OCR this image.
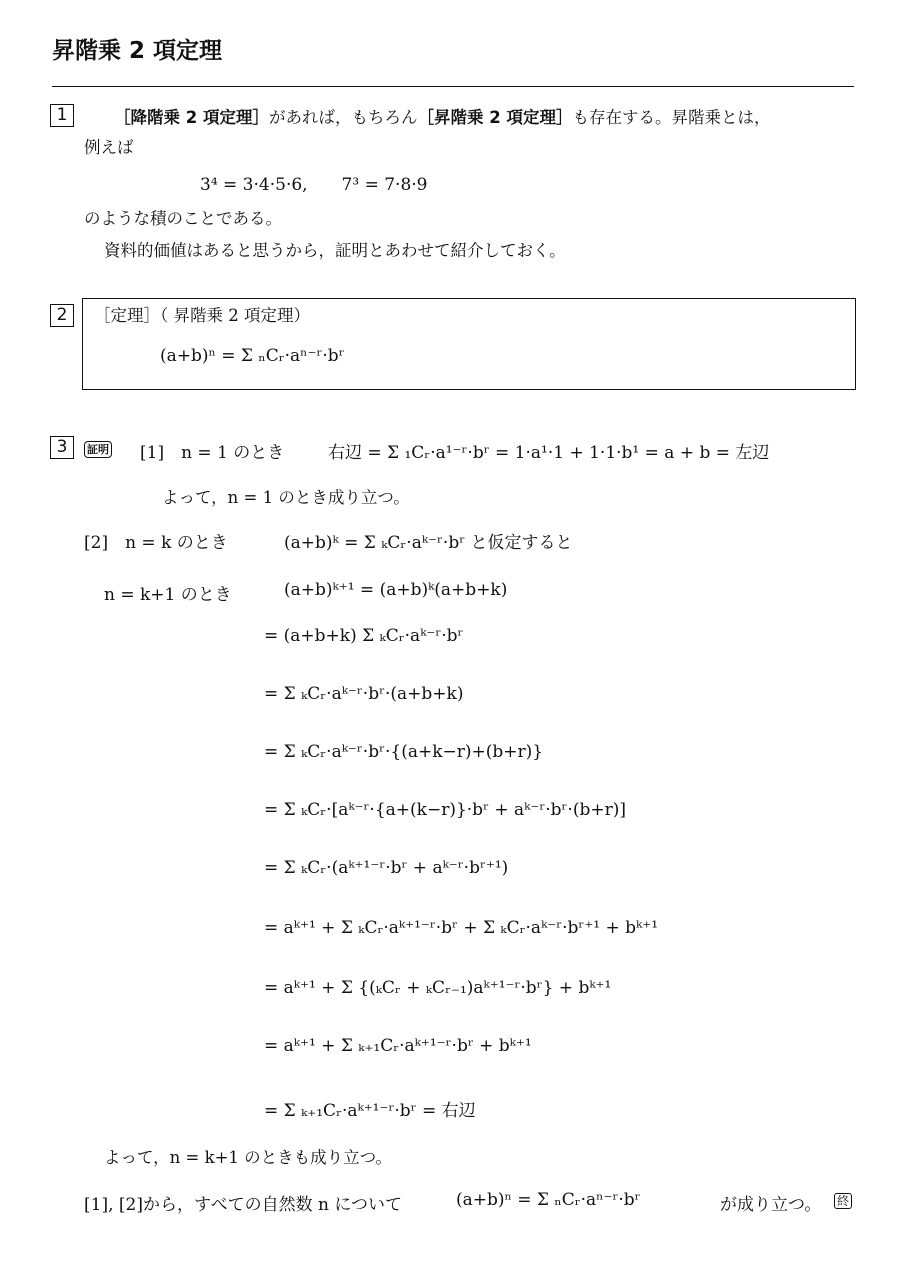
昇階乗 2 項定理
1	［降階乗 2 項定理］があれば，もちろん［昇階乗 2 項定理］も存在する。昇階乗とは，
例えば
3⁴ = 3·4·5·6,　　7³ = 7·8·9
のような積のことである。
資料的価値はあると思うから，証明とあわせて紹介しておく。
2	［定理］（ 昇階乗 2 項定理）
(a+b)ⁿ = Σ ₙCᵣ·aⁿ⁻ʳ·bʳ
3	証明 [1]　n = 1 のとき	右辺 = Σ ₁Cᵣ·a¹⁻ʳ·bʳ = 1·a¹·1 + 1·1·b¹ = a + b = 左辺
よって，n = 1 のとき成り立つ。
[2]　n = k のとき	(a+b)ᵏ = Σ ₖCᵣ·aᵏ⁻ʳ·bʳ と仮定すると
n = k+1 のとき	(a+b)ᵏ⁺¹ = (a+b)ᵏ(a+b+k)
= (a+b+k) Σ ₖCᵣ·aᵏ⁻ʳ·bʳ
= Σ ₖCᵣ·aᵏ⁻ʳ·bʳ·(a+b+k)
= Σ ₖCᵣ·aᵏ⁻ʳ·bʳ·{(a+k−r)+(b+r)}
= Σ ₖCᵣ·[aᵏ⁻ʳ·{a+(k−r)}·bʳ + aᵏ⁻ʳ·bʳ·(b+r)]
= Σ ₖCᵣ·(aᵏ⁺¹⁻ʳ·bʳ + aᵏ⁻ʳ·bʳ⁺¹)
= aᵏ⁺¹ + Σ ₖCᵣ·aᵏ⁺¹⁻ʳ·bʳ + Σ ₖCᵣ·aᵏ⁻ʳ·bʳ⁺¹ + bᵏ⁺¹
= aᵏ⁺¹ + Σ {(ₖCᵣ + ₖCᵣ₋₁)aᵏ⁺¹⁻ʳ·bʳ} + bᵏ⁺¹
= aᵏ⁺¹ + Σ ₖ₊₁Cᵣ·aᵏ⁺¹⁻ʳ·bʳ + bᵏ⁺¹
= Σ ₖ₊₁Cᵣ·aᵏ⁺¹⁻ʳ·bʳ = 右辺
よって，n = k+1 のときも成り立つ。
[1], [2]から，すべての自然数 n について	(a+b)ⁿ = Σ ₙCᵣ·aⁿ⁻ʳ·bʳ	が成り立つ。 終
